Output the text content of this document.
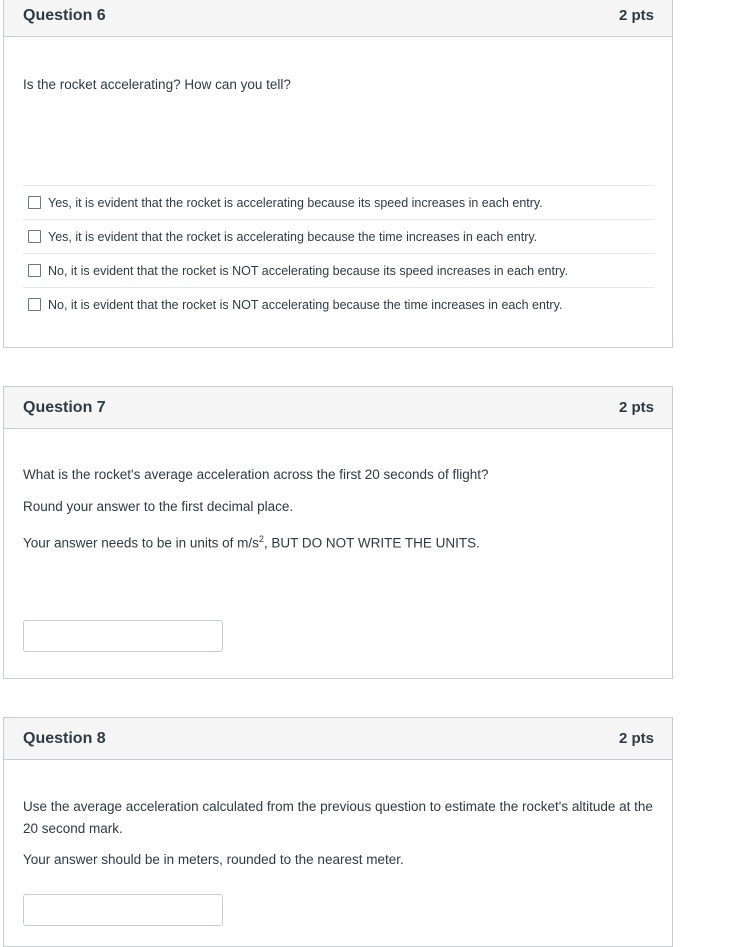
Question 6	2 pts

Is the rocket accelerating? How can you tell?

Yes, it is evident that the rocket is accelerating because its speed increases in each entry.
Yes, it is evident that the rocket is accelerating because the time increases in each entry.
No, it is evident that the rocket is NOT accelerating because its speed increases in each entry.
No, it is evident that the rocket is NOT accelerating because the time increases in each entry.
Question 7	2 pts

What is the rocket's average acceleration across the first 20 seconds of flight?

Round your answer to the first decimal place.

Your answer needs to be in units of $m/s^2$, BUT DO NOT WRITE THE UNITS.

Question 8	2 pts

Use the average acceleration calculated from the previous question to estimate the rocket's altitude at the 20 second mark.

Your answer should be in meters, rounded to the nearest meter.
